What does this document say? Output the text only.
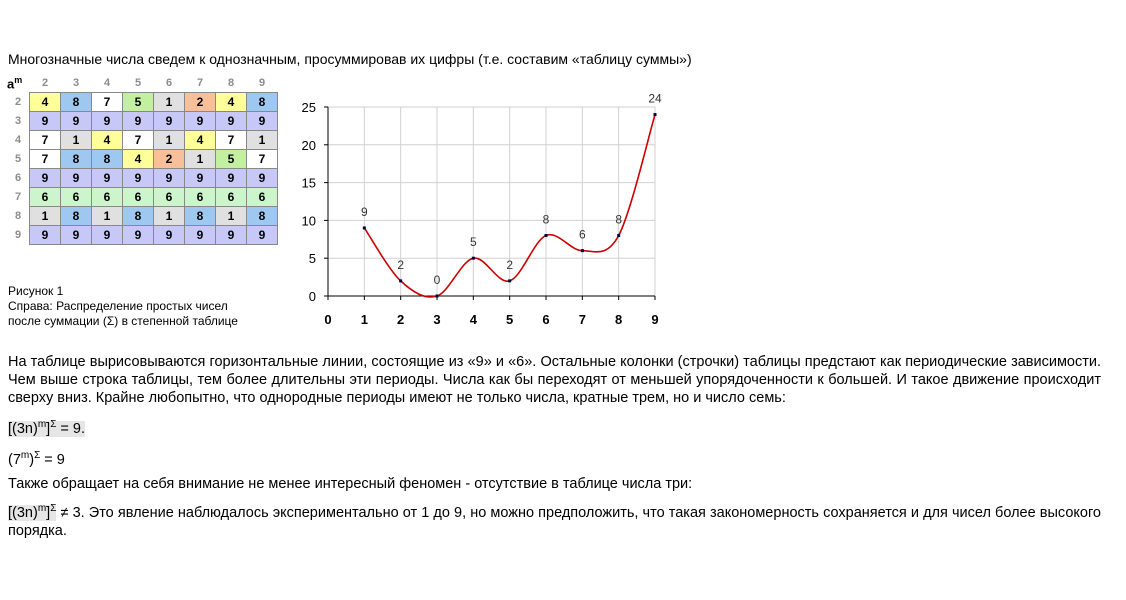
Многозначные числа сведем к однозначным, просуммировав их цифры (т.е. составим «таблицу суммы»)
$a^m$	2	3	4	5	6	7	8	9
2	4	8	7	5	1	2	4	8
3	9	9	9	9	9	9	9	9
4	7	1	4	7	1	4	7	1
5	7	8	8	4	2	1	5	7
6	9	9	9	9	9	9	9	9
7	6	6	6	6	6	6	6	6
8	1	8	1	8	1	8	1	8
9	9	9	9	9	9	9	9	9
Рисунок 1
Справа: Распределение простых чисел
после суммации (Σ) в степенной таблице
0
5
10
15
20
25
0 1 2 3 4 5 6 7 8 9
9
2
0
5
2
8
6
8
24
На таблице вырисовываются горизонтальные линии, состоящие из «9» и «6». Остальные колонки (строчки) таблицы предстают как периодические зависимости. Чем выше строка таблицы, тем более длительны эти периоды. Числа как бы переходят от меньшей упорядоченности к большей. И такое движение происходит сверху вниз. Крайне любопытно, что однородные периоды имеют не только числа, кратные трем, но и число семь:
$[(3n)^m]^\Sigma = 9$.
$(7^m)^\Sigma = 9$
Также обращает на себя внимание не менее интересный феномен - отсутствие в таблице числа три:
$[(3n)^m]^\Sigma \ne 3$. Это явление наблюдалось экспериментально от 1 до 9, но можно предположить, что такая закономерность сохраняется и для чисел более высокого порядка.
